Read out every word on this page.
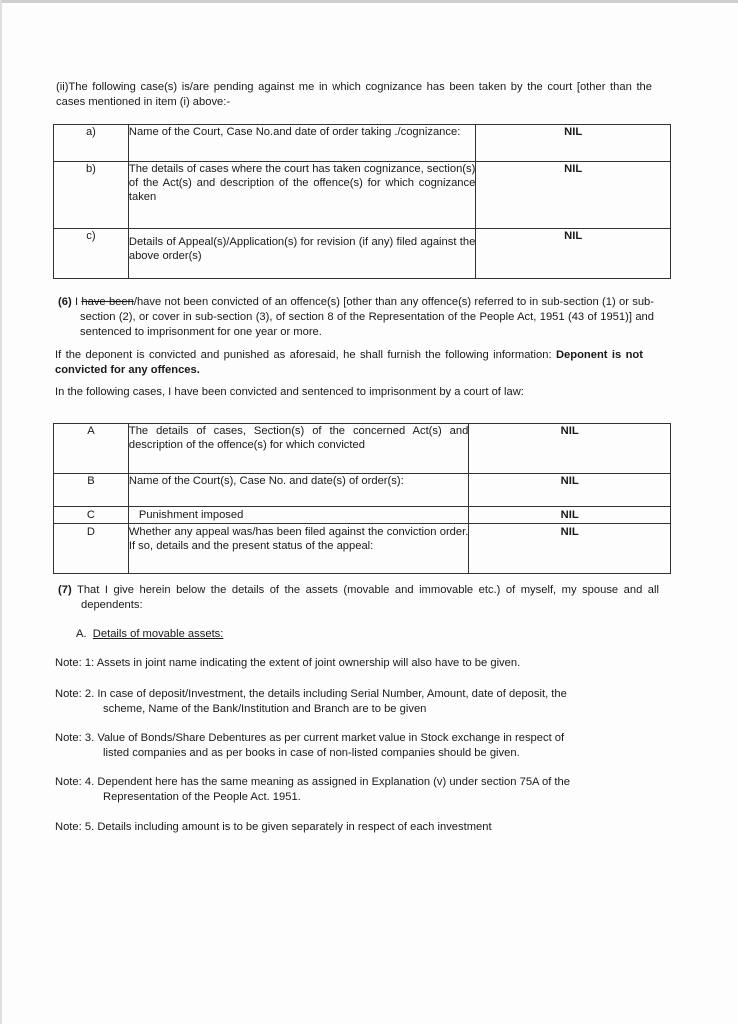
(ii)The following case(s) is/are pending against me in which cognizance has been taken by the court [other than the cases mentioned in item (i) above:-

a)	Name of the Court, Case No.and date of order taking ./cognizance:	NIL
b)	The details of cases where the court has taken cognizance, section(s) of the Act(s) and description of the offence(s) for which cognizance taken	NIL
c)	Details of Appeal(s)/Application(s) for revision (if any) filed against the above order(s)	NIL

(6) I have been/have not been convicted of an offence(s) [other than any offence(s) referred to in sub-section (1) or sub-section (2), or cover in sub-section (3), of section 8 of the Representation of the People Act, 1951 (43 of 1951)] and sentenced to imprisonment for one year or more.

If the deponent is convicted and punished as aforesaid, he shall furnish the following information: Deponent is not convicted for any offences.

In the following cases, I have been convicted and sentenced to imprisonment by a court of law:

A	The details of cases, Section(s) of the concerned Act(s) and description of the offence(s) for which convicted	NIL
B	Name of the Court(s), Case No. and date(s) of order(s):	NIL
C	Punishment imposed	NIL
D	Whether any appeal was/has been filed against the conviction order. If so, details and the present status of the appeal:	NIL

(7) That I give herein below the details of the assets (movable and immovable etc.) of myself, my spouse and all dependents:

A. Details of movable assets:

Note: 1: Assets in joint name indicating the extent of joint ownership will also have to be given.
Note: 2. In case of deposit/Investment, the details including Serial Number, Amount, date of deposit, the
scheme, Name of the Bank/Institution and Branch are to be given
Note: 3. Value of Bonds/Share Debentures as per current market value in Stock exchange in respect of
listed companies and as per books in case of non-listed companies should be given.
Note: 4. Dependent here has the same meaning as assigned in Explanation (v) under section 75A of the
Representation of the People Act. 1951.
Note: 5. Details including amount is to be given separately in respect of each investment
